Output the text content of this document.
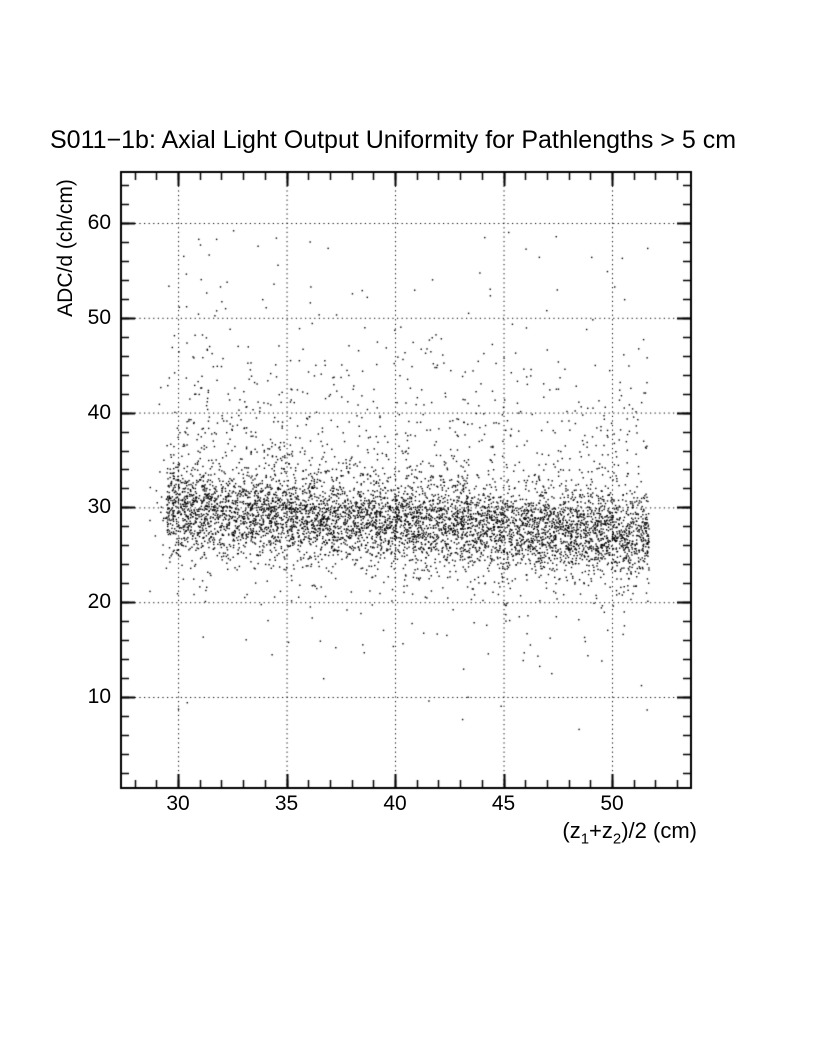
S011−1b: Axial Light Output Uniformity for Pathlengths > 5 cm
ADC/d (ch/cm)
$(z_1+z_2)/2$ (cm)
30	35	40	45	50
10
20
30
40
50
60
